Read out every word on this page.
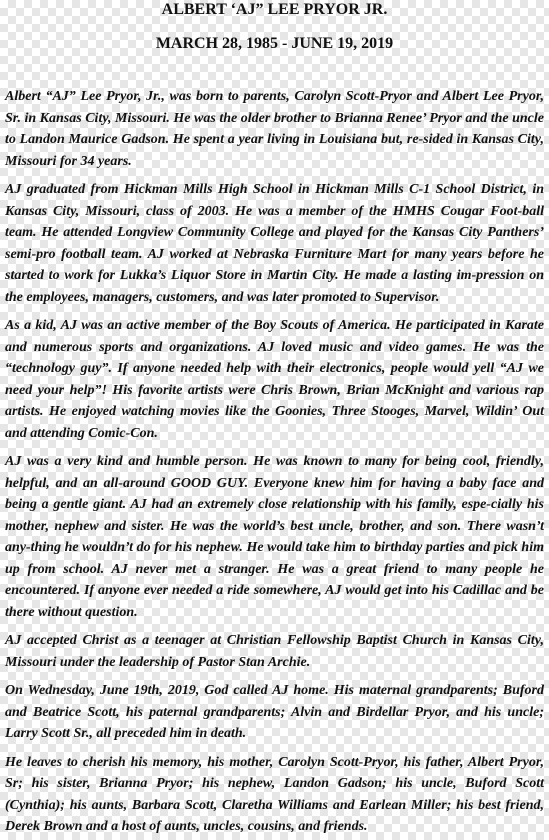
ALBERT ‘AJ” LEE PRYOR JR.
MARCH 28, 1985 - JUNE 19, 2019

Albert “AJ” Lee Pryor, Jr., was born to parents, Carolyn Scott-Pryor and Albert Lee Pryor, Sr. in Kansas City, Missouri. He was the older brother to Brianna Renee’ Pryor and the uncle to Landon Maurice Gadson. He spent a year living in Louisiana but, re-sided in Kansas City, Missouri for 34 years.

AJ graduated from Hickman Mills High School in Hickman Mills C-1 School District, in Kansas City, Missouri, class of 2003. He was a member of the HMHS Cougar Foot-ball team. He attended Longview Community College and played for the Kansas City Panthers’ semi-pro football team. AJ worked at Nebraska Furniture Mart for many years before he started to work for Lukka’s Liquor Store in Martin City. He made a lasting im-pression on the employees, managers, customers, and was later promoted to Supervisor.

As a kid, AJ was an active member of the Boy Scouts of America. He participated in Karate and numerous sports and organizations. AJ loved music and video games. He was the “technology guy”. If anyone needed help with their electronics, people would yell “AJ we need your help”! His favorite artists were Chris Brown, Brian McKnight and various rap artists. He enjoyed watching movies like the Goonies, Three Stooges, Marvel, Wildin’ Out and attending Comic-Con.

AJ was a very kind and humble person. He was known to many for being cool, friendly, helpful, and an all-around GOOD GUY. Everyone knew him for having a baby face and being a gentle giant. AJ had an extremely close relationship with his family, espe-cially his mother, nephew and sister. He was the world’s best uncle, brother, and son. There wasn’t any-thing he wouldn’t do for his nephew. He would take him to birthday parties and pick him up from school. AJ never met a stranger. He was a great friend to many people he encountered. If anyone ever needed a ride somewhere, AJ would get into his Cadillac and be there without question.

AJ accepted Christ as a teenager at Christian Fellowship Baptist Church in Kansas City, Missouri under the leadership of Pastor Stan Archie.

On Wednesday, June 19th, 2019, God called AJ home. His maternal grandparents; Buford and Beatrice Scott, his paternal grandparents; Alvin and Birdellar Pryor, and his uncle; Larry Scott Sr., all preceded him in death.

He leaves to cherish his memory, his mother, Carolyn Scott-Pryor, his father, Albert Pryor, Sr; his sister, Brianna Pryor; his nephew, Landon Gadson; his uncle, Buford Scott (Cynthia); his aunts, Barbara Scott, Claretha Williams and Earlean Miller; his best friend, Derek Brown and a host of aunts, uncles, cousins, and friends.
